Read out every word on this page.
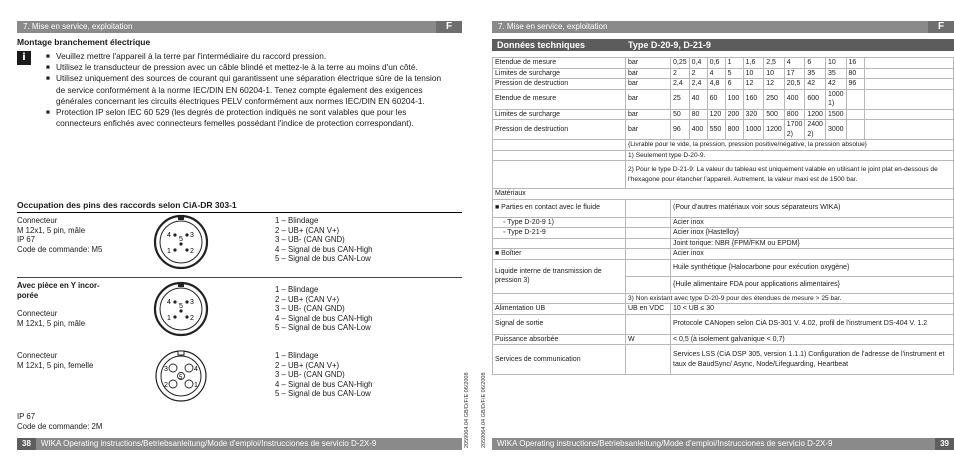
7. Mise en service, exploitation	F
Montage branchement électrique
i	■ Veuillez mettre l'appareil à la terre par l'intermédiaire du raccord pression.
■ Utilisez le transducteur de pression avec un câble blindé et mettez-le à la terre au moins d'un côté.
■ Utilisez uniquement des sources de courant qui garantissent une séparation électrique sûre de la tension de service conformément à la norme IEC/DIN EN 60204-1. Tenez compte également des exigences générales concernant les circuits électriques PELV conformément aux normes IEC/DIN EN 60204-1.
■ Protection IP selon IEC 60 529 (les degrés de protection indiqués ne sont valables que pour les connecteurs enfichés avec connecteurs femelles possédant l'indice de protection correspondant).
Occupation des pins des raccords selon CiA-DR 303-1
Connecteur
M 12x1, 5 pin, mâle
IP 67
Code de commande: M5
1 – Blindage
2 – UB+ (CAN V+)
3 – UB- (CAN GND)
4 – Signal de bus CAN-High
5 – Signal de bus CAN-Low
4	3
5
1	2
Avec pièce en Y incor-
porée
Connecteur
M 12x1, 5 pin, mâle
1 – Blindage
2 – UB+ (CAN V+)
3 – UB- (CAN GND)
4 – Signal de bus CAN-High
5 – Signal de bus CAN-Low
4	3
5
1	2
Connecteur
M 12x1, 5 pin, femelle
IP 67
Code de commande: 2M
1 – Blindage
2 – UB+ (CAN V+)
3 – UB- (CAN GND)
4 – Signal de bus CAN-High
5 – Signal de bus CAN-Low
3	4
5
2	1
38 WIKA Operating instructions/Betriebsanleitung/Mode d'emploi/Instrucciones de servicio D-2X-9	2059064.04 GB/D/F/E 06/2008 2059064.04 GB/D/F/E 06/2008
7. Mise en service, exploitation	F
Données techniques	Type D-20-9, D-21-9
Etendue de mesure	bar	0,25	0,4	0,6	1	1,6	2,5	4	6	10	16	
Limites de surcharge	bar	2	2	4	5	10	10	17	35	35	80	
Pression de destruction	bar	2,4	2,4	4,8	6	12	12	20,5	42	42	96	
Etendue de mesure	bar	25	40	60	100	160	250	400	600	1000 1)		
Limites de surcharge	bar	50	80	120	200	320	500	800	1200	1500		
Pression de destruction	bar	96	400	550	800	1000	1200	1700 2)	2400 2)	3000		
	{Livrable pour le vide, la pression, pression positive/négative, la pression absolue}											
	1) Seulement type D-20-9.											
	2) Pour le type D-21-9: La valeur du tableau est uniquement valable en utilisant le joint plat en-dessous de l'hexagone pour étancher l'appareil. Autrement, la valeur maxi est de 1500 bar.											
Matériaux												
■ Parties en contact avec le fluide		(Pour d'autres matériaux voir sous séparateurs WIKA)										
◦ Type D-20-9 1)		Acier inox										
◦ Type D-21-9		Acier inox {Hastelloy}										
		Joint torique: NBR {FPM/FKM ou EPDM}										
■ Boîtier		Acier inox										
Liquide interne de transmission de pression 3)		Huile synthétique {Halocarbone pour exécution oxygène}										
		{Huile alimentaire FDA pour applications alimentaires}										
	3) Non existant avec type D-20-9 pour des étendues de mesure > 25 bar.											
Alimentation UB	UB en VDC	10 < UB ≤ 30										
Signal de sortie		Protocole CANopen selon CiA DS-301 V. 4.02, profil de l'instrument DS-404 V. 1.2										
Puissance absorbée	W	< 0,5 (à isolement galvanique < 0,7)										
Services de communication		Services LSS (CiA DSP 305, version 1.1.1) Configuration de l'adresse de l'instrument et taux de BaudSync/ Async, Node/Lifeguarding, Heartbeat										
WIKA Operating instructions/Betriebsanleitung/Mode d'emploi/Instrucciones de servicio D-2X-9	39
